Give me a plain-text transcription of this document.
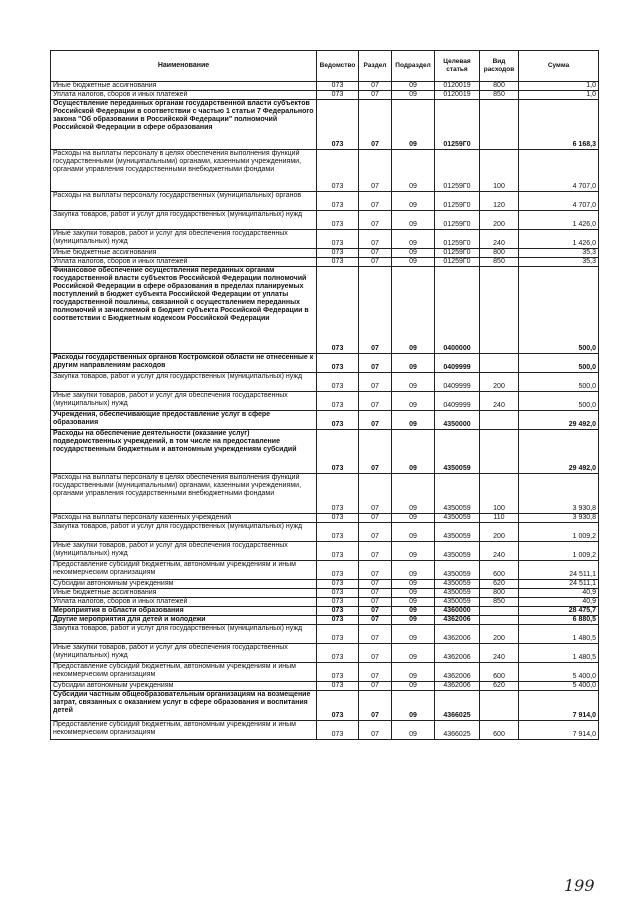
Наименование	Ведомство	Раздел	Подраздел	Целевая статья	Вид расходов	Сумма
Иные бюджетные ассигнования	073	07	09	0120019	800	1,0
Уплата налогов, сборов и иных платежей	073	07	09	0120019	850	1,0
Осуществление переданных органам государственной власти субъектов Российской Федерации в соответствии с частью 1 статьи 7 Федерального закона "Об образовании в Российской Федерации" полномочий Российской Федерации в сфере образования	073	07	09	01259Г0		6 168,3
Расходы на выплаты персоналу в целях обеспечения выполнения функций государственными (муниципальными) органами, казенными учреждениями, органами управления государственными внебюджетными фондами	073	07	09	01259Г0	100	4 707,0
Расходы на выплаты персоналу государственных (муниципальных) органов	073	07	09	01259Г0	120	4 707,0
Закупка товаров, работ и услуг для государственных (муниципальных) нужд	073	07	09	01259Г0	200	1 426,0
Иные закупки товаров, работ и услуг для обеспечения государственных (муниципальных) нужд	073	07	09	01259Г0	240	1 426,0
Иные бюджетные ассигнования	073	07	09	01259Г0	800	35,3
Уплата налогов, сборов и иных платежей	073	07	09	01259Г0	850	35,3
Финансовое обеспечение осуществления переданных органам государственной власти субъектов Российской Федерации полномочий Российской Федерации в сфере образования в пределах планируемых поступлений в бюджет субъекта Российской Федерации от уплаты государственной пошлины, связанной с осуществлением переданных полномочий и зачисляемой в бюджет субъекта Российской Федерации в соответствии с Бюджетным кодексом Российской Федерации	073	07	09	0400000		500,0
Расходы государственных органов Костромской области не отнесенные к другим направлениям расходов	073	07	09	0409999		500,0
Закупка товаров, работ и услуг для государственных (муниципальных) нужд	073	07	09	0409999	200	500,0
Иные закупки товаров, работ и услуг для обеспечения государственных (муниципальных) нужд	073	07	09	0409999	240	500,0
Учреждения, обеспечивающие предоставление услуг в сфере образования	073	07	09	4350000		29 492,0
Расходы на обеспечение деятельности (оказание услуг) подведомственных учреждений, в том числе на предоставление государственным бюджетным и автономным учреждениям субсидий	073	07	09	4350059		29 492,0
Расходы на выплаты персоналу в целях обеспечения выполнения функций государственными (муниципальными) органами, казенными учреждениями, органами управления государственными внебюджетными фондами	073	07	09	4350059	100	3 930,8
Расходы на выплаты персоналу казенных учреждений	073	07	09	4350059	110	3 930,8
Закупка товаров, работ и услуг для государственных (муниципальных) нужд	073	07	09	4350059	200	1 009,2
Иные закупки товаров, работ и услуг для обеспечения государственных (муниципальных) нужд	073	07	09	4350059	240	1 009,2
Предоставление субсидий бюджетным, автономным учреждениям и иным некоммерческим организациям	073	07	09	4350059	600	24 511,1
Субсидии автономным учреждениям	073	07	09	4350059	620	24 511,1
Иные бюджетные ассигнования	073	07	09	4350059	800	40,9
Уплата налогов, сборов и иных платежей	073	07	09	4350059	850	40,9
Мероприятия в области образования	073	07	09	4360000		28 475,7
Другие мероприятия для детей и молодежи	073	07	09	4362006		6 880,5
Закупка товаров, работ и услуг для государственных (муниципальных) нужд	073	07	09	4362006	200	1 480,5
Иные закупки товаров, работ и услуг для обеспечения государственных (муниципальных) нужд	073	07	09	4362006	240	1 480,5
Предоставление субсидий бюджетным, автономным учреждениям и иным некоммерческим организациям	073	07	09	4362006	600	5 400,0
Субсидии автономным учреждениям	073	07	09	4362006	620	5 400,0
Субсидии частным общеобразовательным организациям на возмещение затрат, связанных с оказанием услуг в сфере образования и воспитания детей	073	07	09	4366025		7 914,0
Предоставление субсидий бюджетным, автономным учреждениям и иным некоммерческим организациям	073	07	09	4366025	600	7 914,0
199
